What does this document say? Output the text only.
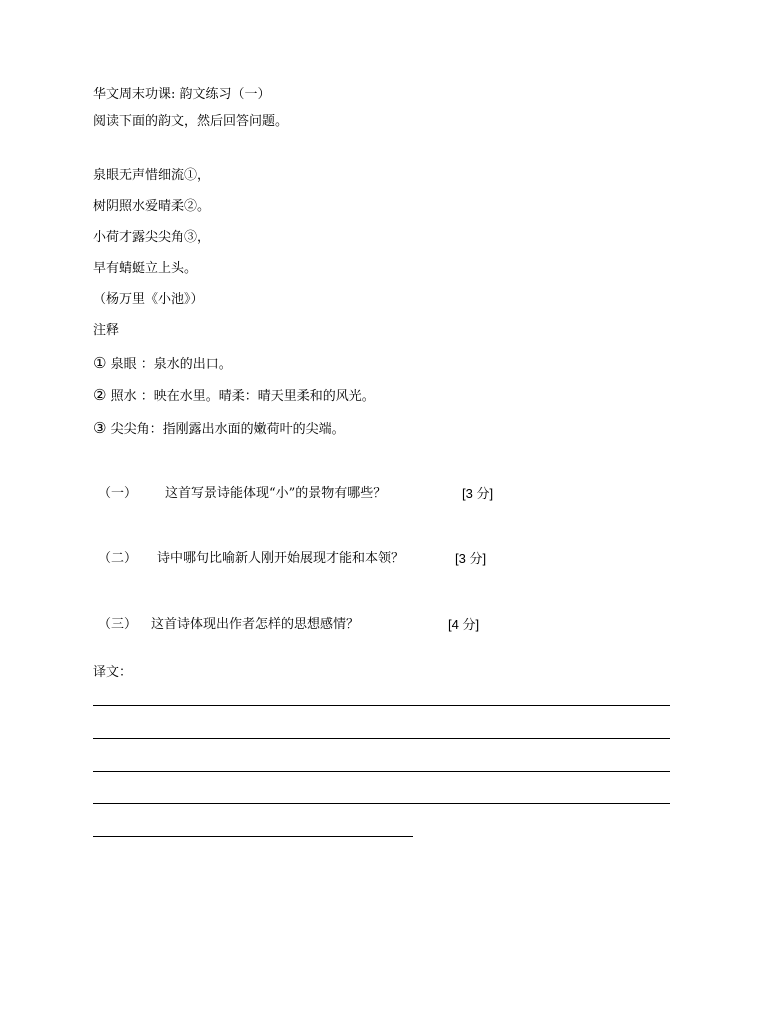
华文周末功课: 韵文练习（一）
阅读下面的韵文，然后回答问题。
泉眼无声惜细流①，
树阴照水爱晴柔②。
小荷才露尖尖角③，
早有蜻蜓立上头。
（杨万里《小池》）
注释
① 泉眼 ：泉水的出口。
② 照水 ：映在水里。晴柔：晴天里柔和的风光。
③ 尖尖角：指刚露出水面的嫩荷叶的尖端。
（一） 这首写景诗能体现“小”的景物有哪些？	[3 分]
（二） 诗中哪句比喻新人刚开始展现才能和本领？	[3 分]
（三） 这首诗体现出作者怎样的思想感情？	[4 分]
译文：
